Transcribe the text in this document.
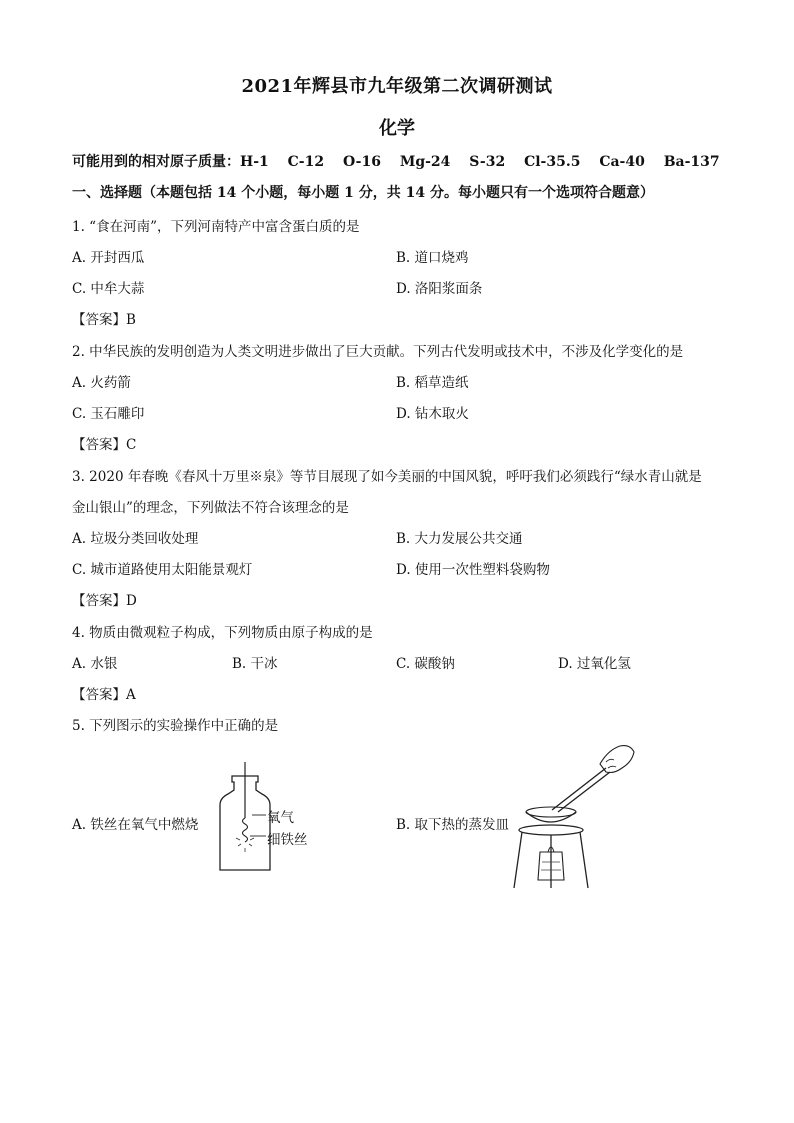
2021年辉县市九年级第二次调研测试
化学
可能用到的相对原子质量：H-1　 C-12　 O-16　 Mg-24　 S-32　 Cl-35.5　 Ca-40　 Ba-137
一、选择题（本题包括 14 个小题，每小题 1 分，共 14 分。每小题只有一个选项符合题意）
1. “食在河南”，下列河南特产中富含蛋白质的是
A. 开封西瓜	B. 道口烧鸡
C. 中牟大蒜	D. 洛阳浆面条
【答案】B
2. 中华民族的发明创造为人类文明进步做出了巨大贡献。下列古代发明或技术中，不涉及化学变化的是
A. 火药箭	B. 稻草造纸
C. 玉石雕印	D. 钻木取火
【答案】C
3. 2020 年春晚《春风十万里※泉》等节目展现了如今美丽的中国风貌，呼吁我们必须践行“绿水青山就是
金山银山”的理念，下列做法不符合该理念的是
A. 垃圾分类回收处理	B. 大力发展公共交通
C. 城市道路使用太阳能景观灯	D. 使用一次性塑料袋购物
【答案】D
4. 物质由微观粒子构成，下列物质由原子构成的是
A. 水银	B. 干冰	C. 碳酸钠	D. 过氧化氢
【答案】A
5. 下列图示的实验操作中正确的是
A. 铁丝在氧气中燃烧	B. 取下热的蒸发皿
氧气
细铁丝
